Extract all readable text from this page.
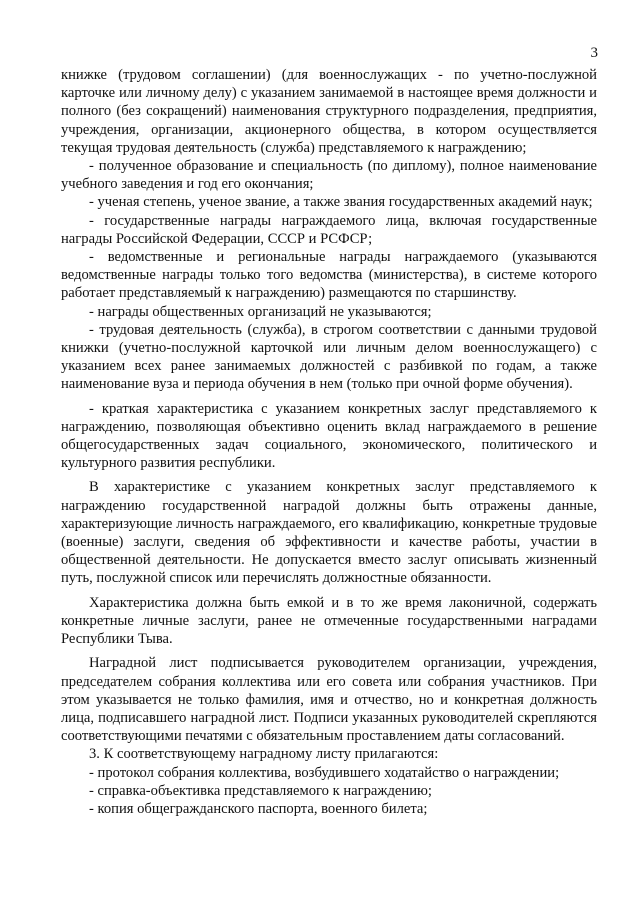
3

книжке (трудовом соглашении) (для военнослужащих - по учетно-послужной карточке или личному делу) с указанием занимаемой в настоящее время должности и полного (без сокращений) наименования структурного подразделения, предприятия, учреждения, организации, акционерного общества, в котором осуществляется текущая трудовая деятельность (служба) представляемого к награждению;

- полученное образование и специальность (по диплому), полное наименование учебного заведения и год его окончания;

- ученая степень, ученое звание, а также звания государственных академий наук;

- государственные награды награждаемого лица, включая государственные награды Российской Федерации, СССР и РСФСР;

- ведомственные и региональные награды награждаемого (указываются ведомственные награды только того ведомства (министерства), в системе которого работает представляемый к награждению) размещаются по старшинству.

- награды общественных организаций не указываются;

- трудовая деятельность (служба), в строгом соответствии с данными трудовой книжки (учетно-послужной карточкой или личным делом военнослужащего) с указанием всех ранее занимаемых должностей с разбивкой по годам, а также наименование вуза и периода обучения в нем (только при очной форме обучения).

- краткая характеристика с указанием конкретных заслуг представляемого к награждению, позволяющая объективно оценить вклад награждаемого в решение общегосударственных задач социального, экономического, политического и культурного развития республики.

В характеристике с указанием конкретных заслуг представляемого к награждению государственной наградой должны быть отражены данные, характеризующие личность награждаемого, его квалификацию, конкретные трудовые (военные) заслуги, сведения об эффективности и качестве работы, участии в общественной деятельности. Не допускается вместо заслуг описывать жизненный путь, послужной список или перечислять должностные обязанности.

Характеристика должна быть емкой и в то же время лаконичной, содержать конкретные личные заслуги, ранее не отмеченные государственными наградами Республики Тыва.

Наградной лист подписывается руководителем организации, учреждения, председателем собрания коллектива или его совета или собрания участников. При этом указывается не только фамилия, имя и отчество, но и конкретная должность лица, подписавшего наградной лист. Подписи указанных руководителей скрепляются соответствующими печатями с обязательным проставлением даты согласований.

3. К соответствующему наградному листу прилагаются:

- протокол собрания коллектива, возбудившего ходатайство о награждении;

- справка-объективка представляемого к награждению;

- копия общегражданского паспорта, военного билета;
